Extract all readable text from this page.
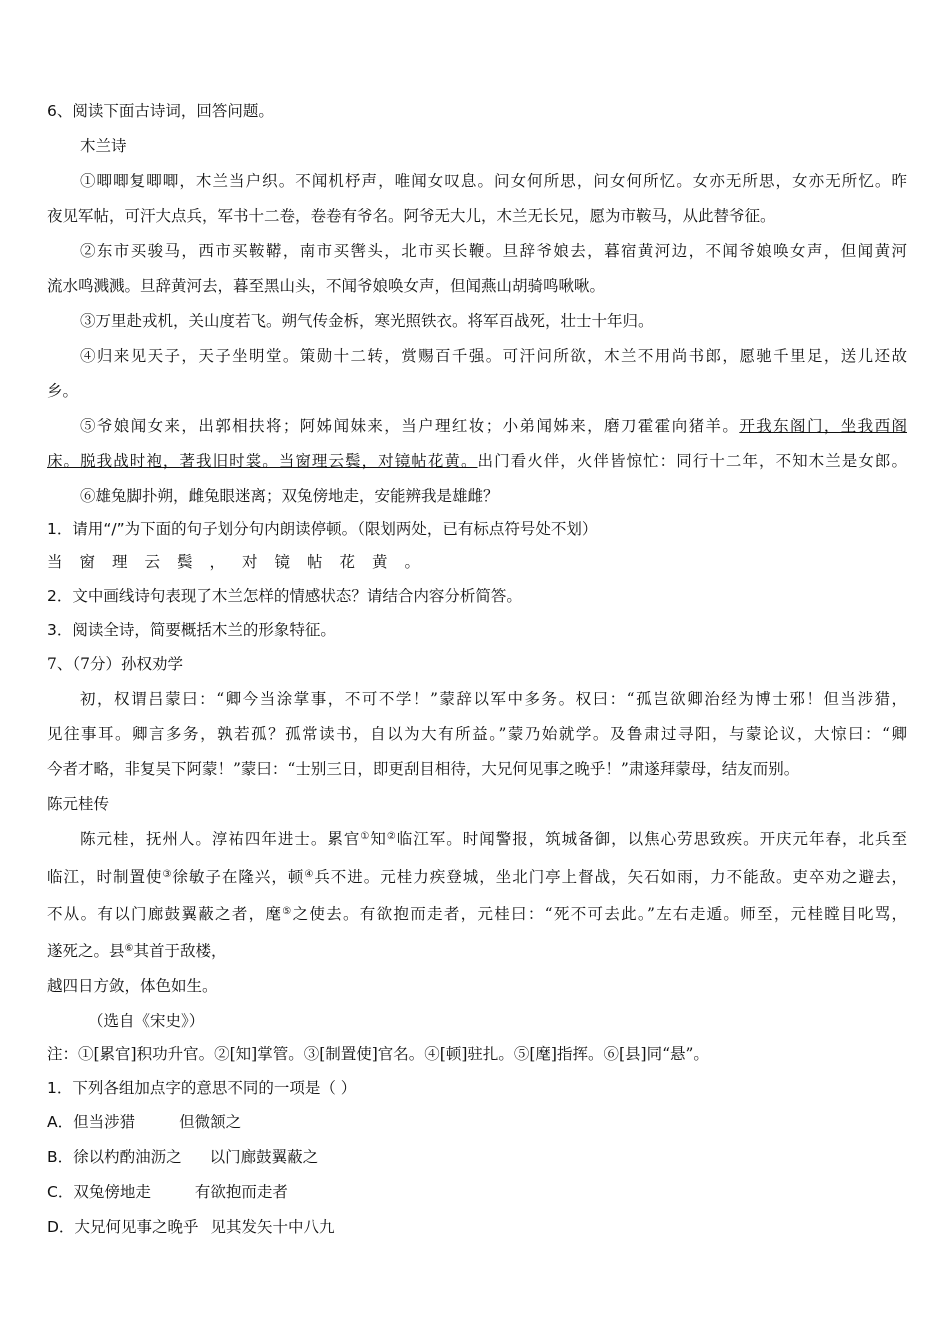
6、阅读下面古诗词，回答问题。

木兰诗

①唧唧复唧唧，木兰当户织。不闻机杼声，唯闻女叹息。问女何所思，问女何所忆。女亦无所思，女亦无所忆。昨

夜见军帖，可汗大点兵，军书十二卷，卷卷有爷名。阿爷无大儿，木兰无长兄，愿为市鞍马，从此替爷征。

②东市买骏马，西市买鞍鞯，南市买辔头，北市买长鞭。旦辞爷娘去，暮宿黄河边，不闻爷娘唤女声，但闻黄河

流水鸣溅溅。旦辞黄河去，暮至黑山头，不闻爷娘唤女声，但闻燕山胡骑鸣啾啾。

③万里赴戎机，关山度若飞。朔气传金柝，寒光照铁衣。将军百战死，壮士十年归。

④归来见天子，天子坐明堂。策勋十二转，赏赐百千强。可汗问所欲，木兰不用尚书郎，愿驰千里足，送儿还故

乡。

⑤爷娘闻女来，出郭相扶将；阿姊闻妹来，当户理红妆；小弟闻姊来，磨刀霍霍向猪羊。开我东阁门，坐我西阁

床。脱我战时袍，著我旧时裳。当窗理云鬓，对镜帖花黄。出门看火伴，火伴皆惊忙：同行十二年，不知木兰是女郎。

⑥雄兔脚扑朔，雌兔眼迷离；双兔傍地走，安能辨我是雄雌？

1．请用“/”为下面的句子划分句内朗读停顿。（限划两处，已有标点符号处不划）

当窗理云鬓，对镜帖花黄。

2．文中画线诗句表现了木兰怎样的情感状态？请结合内容分析简答。

3．阅读全诗，简要概括木兰的形象特征。

7、（7分）孙权劝学

初，权谓吕蒙曰：“卿今当涂掌事，不可不学！”蒙辞以军中多务。权曰：“孤岂欲卿治经为博士邪！但当涉猎，

见往事耳。卿言多务，孰若孤？孤常读书，自以为大有所益。”蒙乃始就学。及鲁肃过寻阳，与蒙论议，大惊曰：“卿

今者才略，非复吴下阿蒙！”蒙曰：“士别三日，即更刮目相待，大兄何见事之晚乎！”肃遂拜蒙母，结友而别。

陈元桂传

陈元桂，抚州人。淳祐四年进士。累官①知②临江军。时闻警报，筑城备御，以焦心劳思致疾。开庆元年春，北兵至

临江，时制置使③徐敏子在隆兴，顿④兵不进。元桂力疾登城，坐北门亭上督战，矢石如雨，力不能敌。吏卒劝之避去，

不从。有以门廊鼓翼蔽之者，麾⑤之使去。有欲抱而走者，元桂曰：“死不可去此。”左右走遁。师至，元桂瞠目叱骂，

遂死之。县⑥其首于敌楼，

越四日方敛，体色如生。

（选自《宋史》）

注：①[累官]积功升官。②[知]掌管。③[制置使]官名。④[顿]驻扎。⑤[麾]指挥。⑥[县]同“悬”。

1．下列各组加点字的意思不同的一项是（ ）

A．但当涉猎	但微颔之

B．徐以杓酌油沥之 以门廊鼓翼蔽之

C．双兔傍地走	有欲抱而走者

D．大兄何见事之晚乎 见其发矢十中八九
